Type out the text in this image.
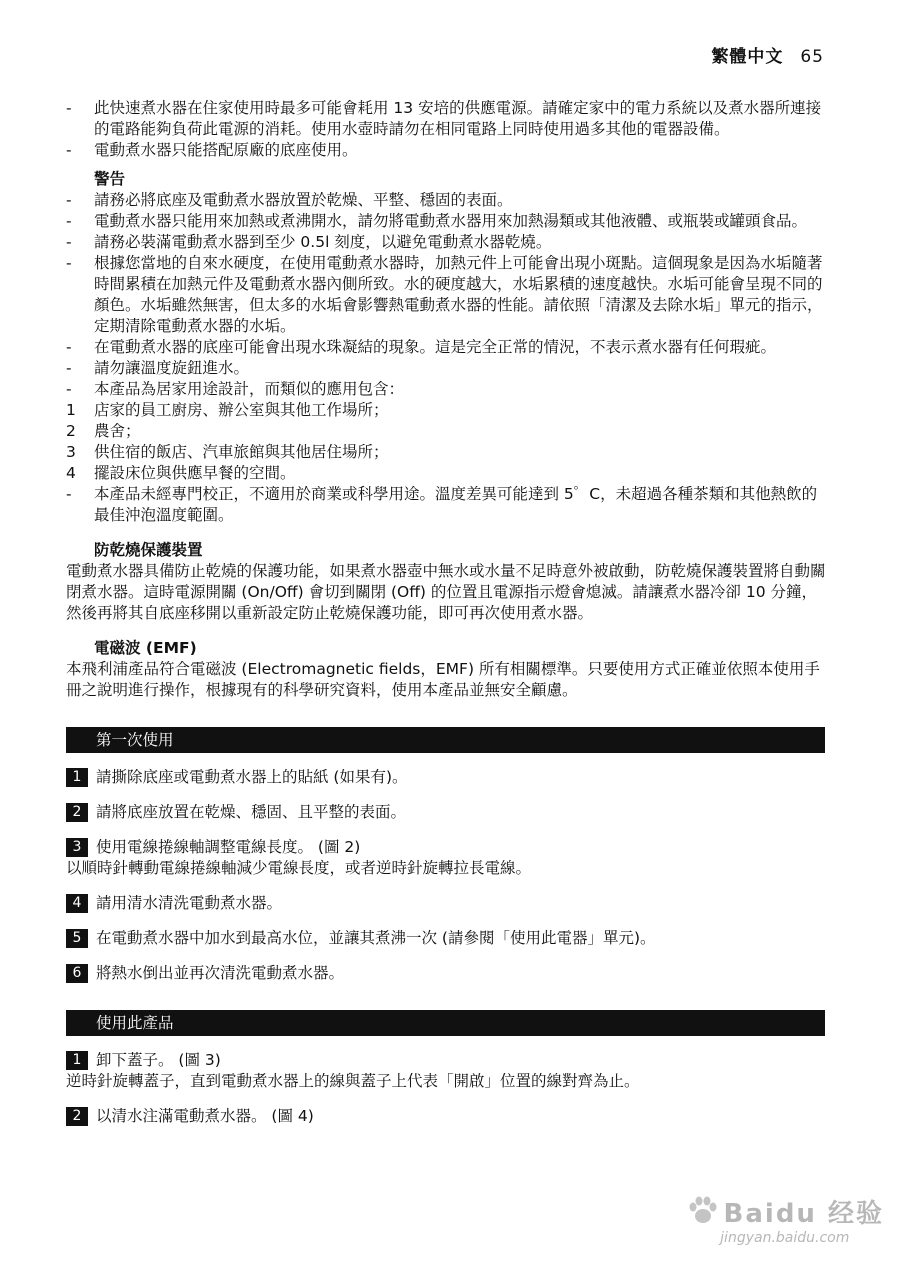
繁體中文 65
- 此快速煮水器在住家使用時最多可能會耗用 13 安培的供應電源。請確定家中的電力系統以及煮水器所連接的電路能夠負荷此電源的消耗。使用水壺時請勿在相同電路上同時使用過多其他的電器設備。
- 電動煮水器只能搭配原廠的底座使用。
警告
- 請務必將底座及電動煮水器放置於乾燥、平整、穩固的表面。
- 電動煮水器只能用來加熱或煮沸開水，請勿將電動煮水器用來加熱湯類或其他液體、或瓶裝或罐頭食品。
- 請務必裝滿電動煮水器到至少 0.5l 刻度，以避免電動煮水器乾燒。
- 根據您當地的自來水硬度，在使用電動煮水器時，加熱元件上可能會出現小斑點。這個現象是因為水垢隨著時間累積在加熱元件及電動煮水器內側所致。水的硬度越大，水垢累積的速度越快。水垢可能會呈現不同的顏色。水垢雖然無害，但太多的水垢會影響熱電動煮水器的性能。請依照「清潔及去除水垢」單元的指示，定期清除電動煮水器的水垢。
- 在電動煮水器的底座可能會出現水珠凝結的現象。這是完全正常的情況，不表示煮水器有任何瑕疵。
- 請勿讓溫度旋鈕進水。
- 本產品為居家用途設計，而類似的應用包含：
1 店家的員工廚房、辦公室與其他工作場所；
2 農舍；
3 供住宿的飯店、汽車旅館與其他居住場所；
4 擺設床位與供應早餐的空間。
- 本產品未經專門校正，不適用於商業或科學用途。溫度差異可能達到 5゜C，未超過各種茶類和其他熱飲的最佳沖泡溫度範圍。
防乾燒保護裝置
電動煮水器具備防止乾燒的保護功能，如果煮水器壺中無水或水量不足時意外被啟動，防乾燒保護裝置將自動關閉煮水器。這時電源開關 (On/Off) 會切到關閉 (Off) 的位置且電源指示燈會熄滅。請讓煮水器冷卻 10 分鐘，然後再將其自底座移開以重新設定防止乾燒保護功能，即可再次使用煮水器。
電磁波 (EMF)
本飛利浦產品符合電磁波 (Electromagnetic fields，EMF) 所有相關標準。只要使用方式正確並依照本使用手冊之說明進行操作，根據現有的科學研究資料，使用本產品並無安全顧慮。
第一次使用
1 請撕除底座或電動煮水器上的貼紙 (如果有)。
2 請將底座放置在乾燥、穩固、且平整的表面。
3 使用電線捲線軸調整電線長度。 (圖 2)
以順時針轉動電線捲線軸減少電線長度，或者逆時針旋轉拉長電線。
4 請用清水清洗電動煮水器。
5 在電動煮水器中加水到最高水位，並讓其煮沸一次 (請參閱「使用此電器」單元)。
6 將熱水倒出並再次清洗電動煮水器。
使用此產品
1 卸下蓋子。 (圖 3)
逆時針旋轉蓋子，直到電動煮水器上的線與蓋子上代表「開啟」位置的線對齊為止。
2 以清水注滿電動煮水器。 (圖 4)
Baidu 经验
jingyan.baidu.com
